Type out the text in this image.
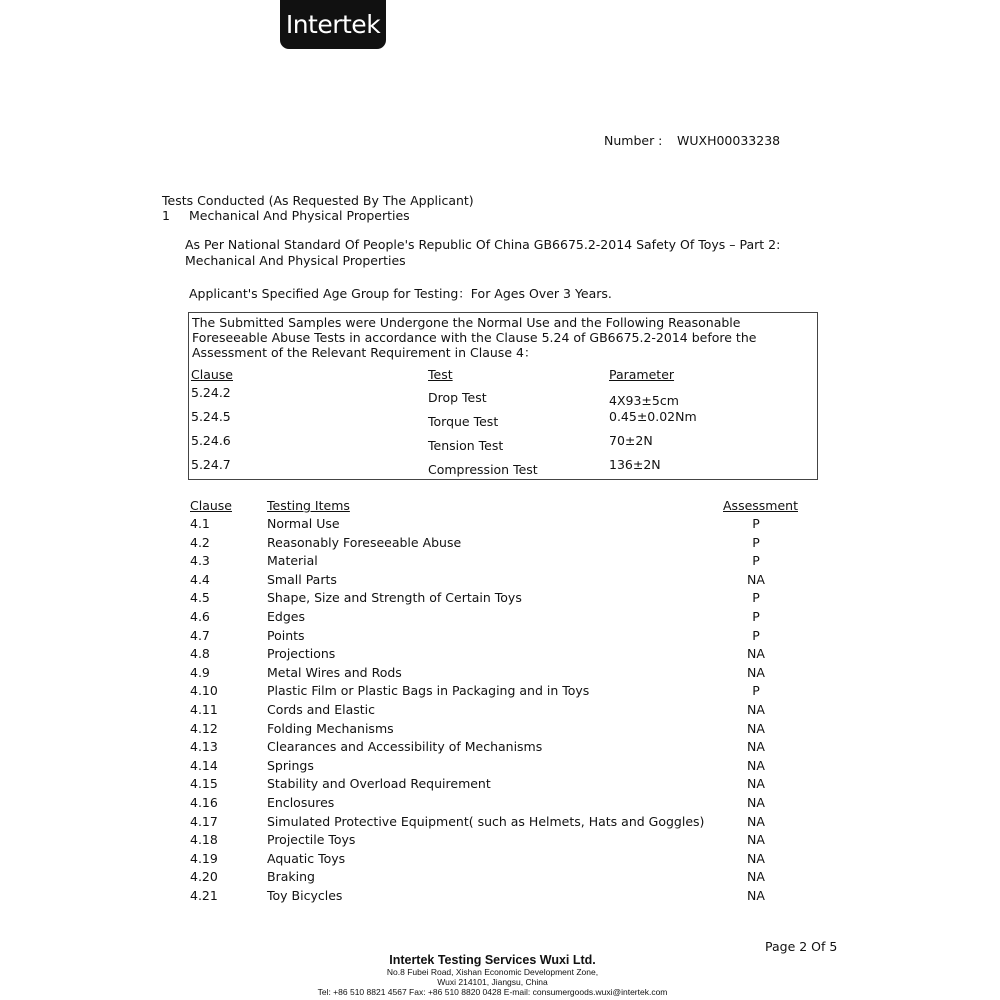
Intertek
Number : WUXH00033238
Tests Conducted (As Requested By The Applicant)
1 Mechanical And Physical Properties
As Per National Standard Of People's Republic Of China GB6675.2-2014 Safety Of Toys – Part 2: Mechanical And Physical Properties
Applicant's Specified Age Group for Testing：For Ages Over 3 Years.
The Submitted Samples were Undergone the Normal Use and the Following Reasonable Foreseeable Abuse Tests in accordance with the Clause 5.24 of GB6675.2-2014 before the Assessment of the Relevant Requirement in Clause 4：
Clause	Test	Parameter
5.24.2	Drop Test	4X93±5cm
5.24.5	Torque Test	0.45±0.02Nm
5.24.6	Tension Test	70±2N
5.24.7	Compression Test	136±2N
Clause	Testing Items	Assessment
4.1	Normal Use	P
4.2	Reasonably Foreseeable Abuse	P
4.3	Material	P
4.4	Small Parts	NA
4.5	Shape, Size and Strength of Certain Toys	P
4.6	Edges	P
4.7	Points	P
4.8	Projections	NA
4.9	Metal Wires and Rods	NA
4.10	Plastic Film or Plastic Bags in Packaging and in Toys	P
4.11	Cords and Elastic	NA
4.12	Folding Mechanisms	NA
4.13	Clearances and Accessibility of Mechanisms	NA
4.14	Springs	NA
4.15	Stability and Overload Requirement	NA
4.16	Enclosures	NA
4.17	Simulated Protective Equipment( such as Helmets, Hats and Goggles)	NA
4.18	Projectile Toys	NA
4.19	Aquatic Toys	NA
4.20	Braking	NA
4.21	Toy Bicycles	NA
Page 2 Of 5
Intertek Testing Services Wuxi Ltd.
No.8 Fubei Road, Xishan Economic Development Zone,
Wuxi 214101, Jiangsu, China
Tel: +86 510 8821 4567 Fax: +86 510 8820 0428 E-mail: consumergoods.wuxi@intertek.com
